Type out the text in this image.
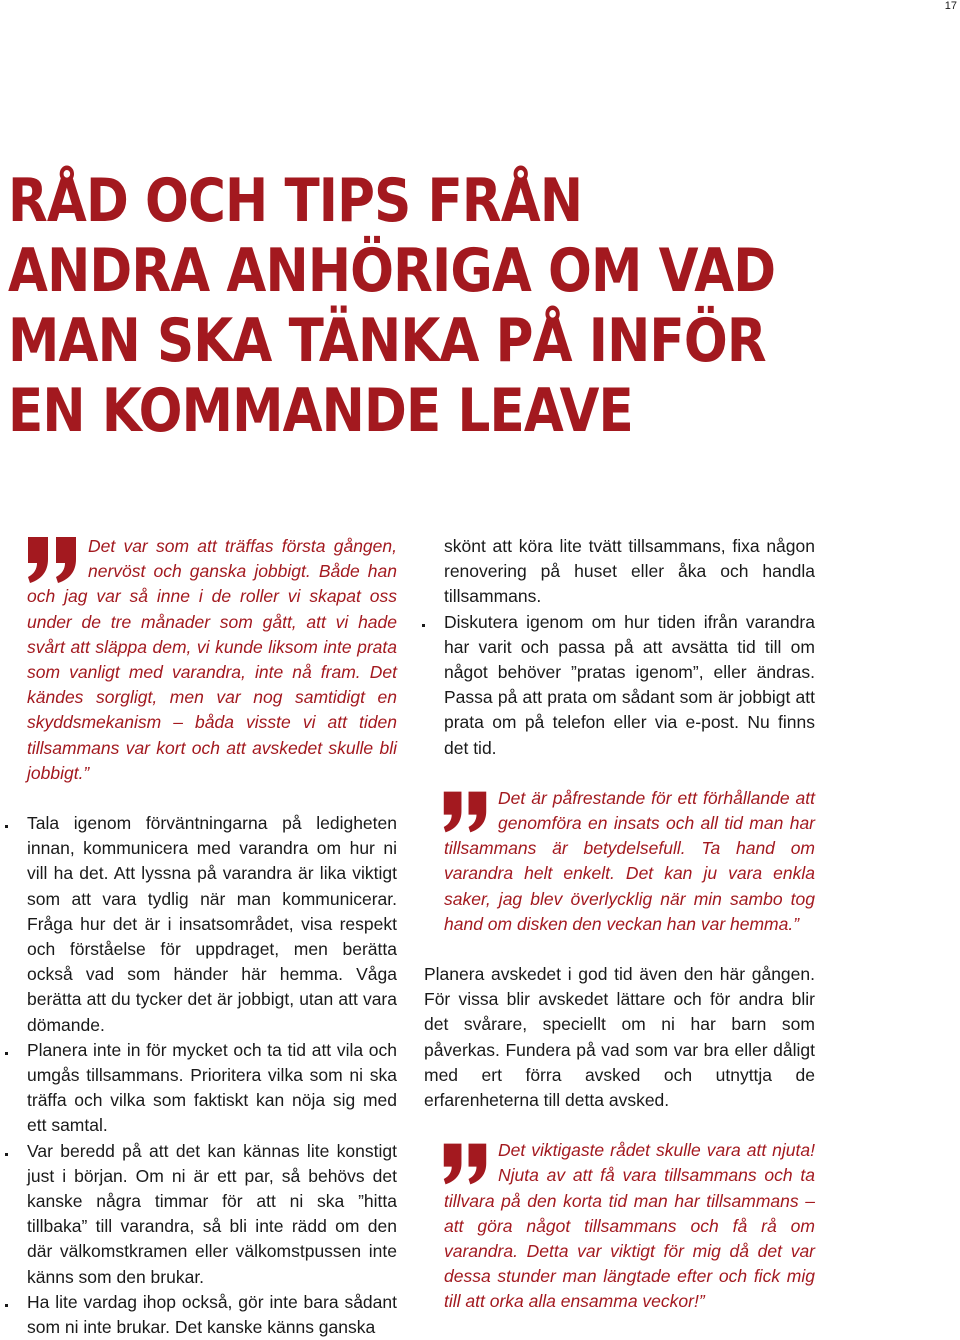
17
RÅD OCH TIPS FRÅN
ANDRA ANHÖRIGA OM VAD
MAN SKA TÄNKA PÅ INFÖR
EN KOMMANDE LEAVE

Det var som att träffas första gången, nervöst och ganska jobbigt. Både han och jag var så inne i de roller vi skapat oss under de tre månader som gått, att vi hade svårt att släppa dem, vi kunde liksom inte prata som vanligt med varandra, inte nå fram. Det kändes sorgligt, men var nog samtidigt en skyddsmekanism – båda visste vi att tiden tillsammans var kort och att avskedet skulle bli jobbigt.”

Tala igenom förväntningarna på ledigheten innan, kommunicera med varandra om hur ni vill ha det. Att lyssna på varandra är lika viktigt som att vara tydlig när man kommunicerar. Fråga hur det är i insatsområdet, visa respekt och förståelse för uppdraget, men berätta också vad som händer här hemma. Våga berätta att du tycker det är jobbigt, utan att vara dömande.
Planera inte in för mycket och ta tid att vila och umgås tillsammans. Prioritera vilka som ni ska träffa och vilka som faktiskt kan nöja sig med ett samtal.
Var beredd på att det kan kännas lite konstigt just i början. Om ni är ett par, så behövs det kanske några timmar för att ni ska ”hitta tillbaka” till varandra, så bli inte rädd om den där välkomstkramen eller välkomstpussen inte känns som den brukar.
Ha lite vardag ihop också, gör inte bara sådant som ni inte brukar. Det kanske känns ganska

skönt att köra lite tvätt tillsammans, fixa någon renovering på huset eller åka och handla tillsammans.

Diskutera igenom om hur tiden ifrån varandra har varit och passa på att avsätta tid till om något behöver ”pratas igenom”, eller ändras. Passa på att prata om sådant som är jobbigt att prata om på telefon eller via e-post. Nu finns det tid.

Det är påfrestande för ett förhållande att genomföra en insats och all tid man har tillsammans är betydelsefull. Ta hand om varandra helt enkelt. Det kan ju vara enkla saker, jag blev överlycklig när min sambo tog hand om disken den veckan han var hemma.”

Planera avskedet i god tid även den här gången. För vissa blir avskedet lättare och för andra blir det svårare, speciellt om ni har barn som påverkas. Fundera på vad som var bra eller dåligt med ert förra avsked och utnyttja de erfarenheterna till detta avsked.

Det viktigaste rådet skulle vara att njuta! Njuta av att få vara tillsammans och ta tillvara på den korta tid man har tillsammans – att göra något tillsammans och få rå om varandra. Detta var viktigt för mig då det var dessa stunder man längtade efter och fick mig till att orka alla ensamma veckor!”
